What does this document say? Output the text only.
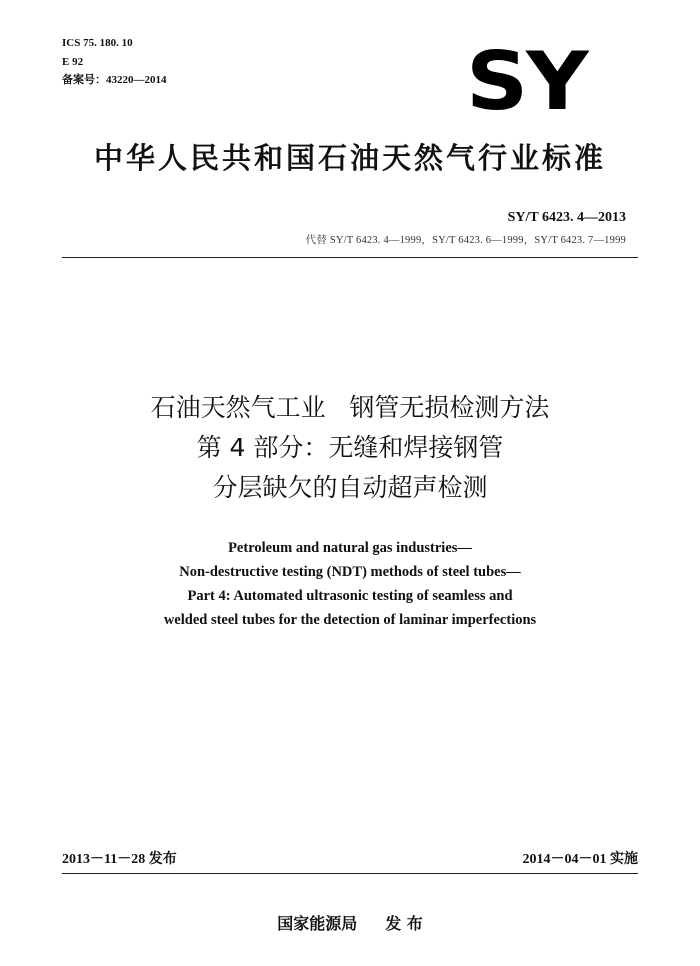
ICS 75. 180. 10
E 92
备案号：43220—2014	SY
中华人民共和国石油天然气行业标准
SY/T 6423. 4—2013
代替 SY/T 6423. 4—1999，SY/T 6423. 6—1999，SY/T 6423. 7—1999
石油天然气工业   钢管无损检测方法
第 4 部分：无缝和焊接钢管
分层缺欠的自动超声检测
Petroleum and natural gas industries—
Non-destructive testing (NDT) methods of steel tubes—
Part 4: Automated ultrasonic testing of seamless and
welded steel tubes for the detection of laminar imperfections
2013－11－28 发布	2014－04－01 实施
国家能源局 发 布
